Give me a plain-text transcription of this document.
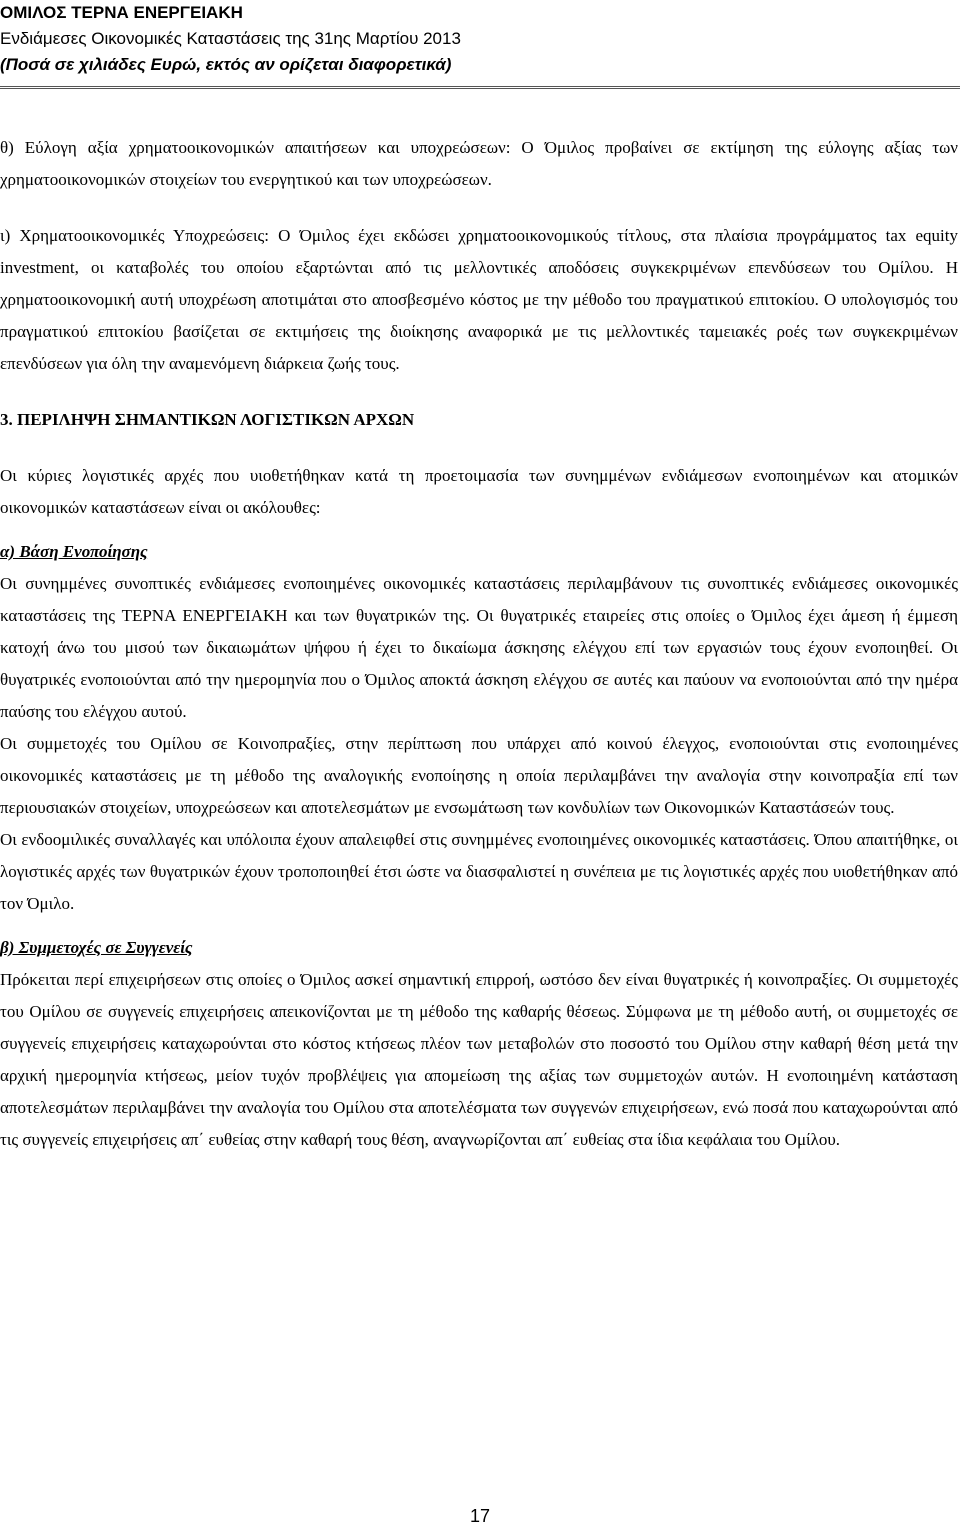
ΟΜΙΛΟΣ ΤΕΡΝΑ ΕΝΕΡΓΕΙΑΚΗ
Ενδιάμεσες Οικονομικές Καταστάσεις της 31ης Μαρτίου 2013
(Ποσά σε χιλιάδες Ευρώ, εκτός αν ορίζεται διαφορετικά)

θ) Εύλογη αξία χρηματοοικονομικών απαιτήσεων και υποχρεώσεων: Ο Όμιλος προβαίνει σε εκτίμηση της εύλογης αξίας των χρηματοοικονομικών στοιχείων του ενεργητικού και των υποχρεώσεων.

ι) Χρηματοοικονομικές Υποχρεώσεις: Ο Όμιλος έχει εκδώσει χρηματοοικονομικούς τίτλους, στα πλαίσια προγράμματος tax equity investment, οι καταβολές του οποίου εξαρτώνται από τις μελλοντικές αποδόσεις συγκεκριμένων επενδύσεων του Ομίλου. Η χρηματοοικονομική αυτή υποχρέωση αποτιμάται στο αποσβεσμένο κόστος με την μέθοδο του πραγματικού επιτοκίου. Ο υπολογισμός του πραγματικού επιτοκίου βασίζεται σε εκτιμήσεις της διοίκησης αναφορικά με τις μελλοντικές ταμειακές ροές των συγκεκριμένων επενδύσεων για όλη την αναμενόμενη διάρκεια ζωής τους.

3. ΠΕΡΙΛΗΨΗ ΣΗΜΑΝΤΙΚΩΝ ΛΟΓΙΣΤΙΚΩΝ ΑΡΧΩΝ

Οι κύριες λογιστικές αρχές που υιοθετήθηκαν κατά τη προετοιμασία των συνημμένων ενδιάμεσων ενοποιημένων και ατομικών οικονομικών καταστάσεων είναι οι ακόλουθες:

α) Βάση Ενοποίησης

Οι συνημμένες συνοπτικές ενδιάμεσες ενοποιημένες οικονομικές καταστάσεις περιλαμβάνουν τις συνοπτικές ενδιάμεσες οικονομικές καταστάσεις της ΤΕΡΝΑ ΕΝΕΡΓΕΙΑΚΗ και των θυγατρικών της. Οι θυγατρικές εταιρείες στις οποίες ο Όμιλος έχει άμεση ή έμμεση κατοχή άνω του μισού των δικαιωμάτων ψήφου ή έχει το δικαίωμα άσκησης ελέγχου επί των εργασιών τους έχουν ενοποιηθεί. Οι θυγατρικές ενοποιούνται από την ημερομηνία που ο Όμιλος αποκτά άσκηση ελέγχου σε αυτές και παύουν να ενοποιούνται από την ημέρα παύσης του ελέγχου αυτού.

Οι συμμετοχές του Ομίλου σε Κοινοπραξίες, στην περίπτωση που υπάρχει από κοινού έλεγχος, ενοποιούνται στις ενοποιημένες οικονομικές καταστάσεις με τη μέθοδο της αναλογικής ενοποίησης η οποία περιλαμβάνει την αναλογία στην κοινοπραξία επί των περιουσιακών στοιχείων, υποχρεώσεων και αποτελεσμάτων με ενσωμάτωση των κονδυλίων των Οικονομικών Καταστάσεών τους.

Οι ενδοομιλικές συναλλαγές και υπόλοιπα έχουν απαλειφθεί στις συνημμένες ενοποιημένες οικονομικές καταστάσεις. Όπου απαιτήθηκε, οι λογιστικές αρχές των θυγατρικών έχουν τροποποιηθεί έτσι ώστε να διασφαλιστεί η συνέπεια με τις λογιστικές αρχές που υιοθετήθηκαν από τον Όμιλο.

β) Συμμετοχές σε Συγγενείς

Πρόκειται περί επιχειρήσεων στις οποίες ο Όμιλος ασκεί σημαντική επιρροή, ωστόσο δεν είναι θυγατρικές ή κοινοπραξίες. Οι συμμετοχές του Ομίλου σε συγγενείς επιχειρήσεις απεικονίζονται με τη μέθοδο της καθαρής θέσεως. Σύμφωνα με τη μέθοδο αυτή, οι συμμετοχές σε συγγενείς επιχειρήσεις καταχωρούνται στο κόστος κτήσεως πλέον των μεταβολών στο ποσοστό του Ομίλου στην καθαρή θέση μετά την αρχική ημερομηνία κτήσεως, μείον τυχόν προβλέψεις για απομείωση της αξίας των συμμετοχών αυτών. Η ενοποιημένη κατάσταση αποτελεσμάτων περιλαμβάνει την αναλογία του Ομίλου στα αποτελέσματα των συγγενών επιχειρήσεων, ενώ ποσά που καταχωρούνται από τις συγγενείς επιχειρήσεις απ΄ ευθείας στην καθαρή τους θέση, αναγνωρίζονται απ΄ ευθείας στα ίδια κεφάλαια του Ομίλου.

17
